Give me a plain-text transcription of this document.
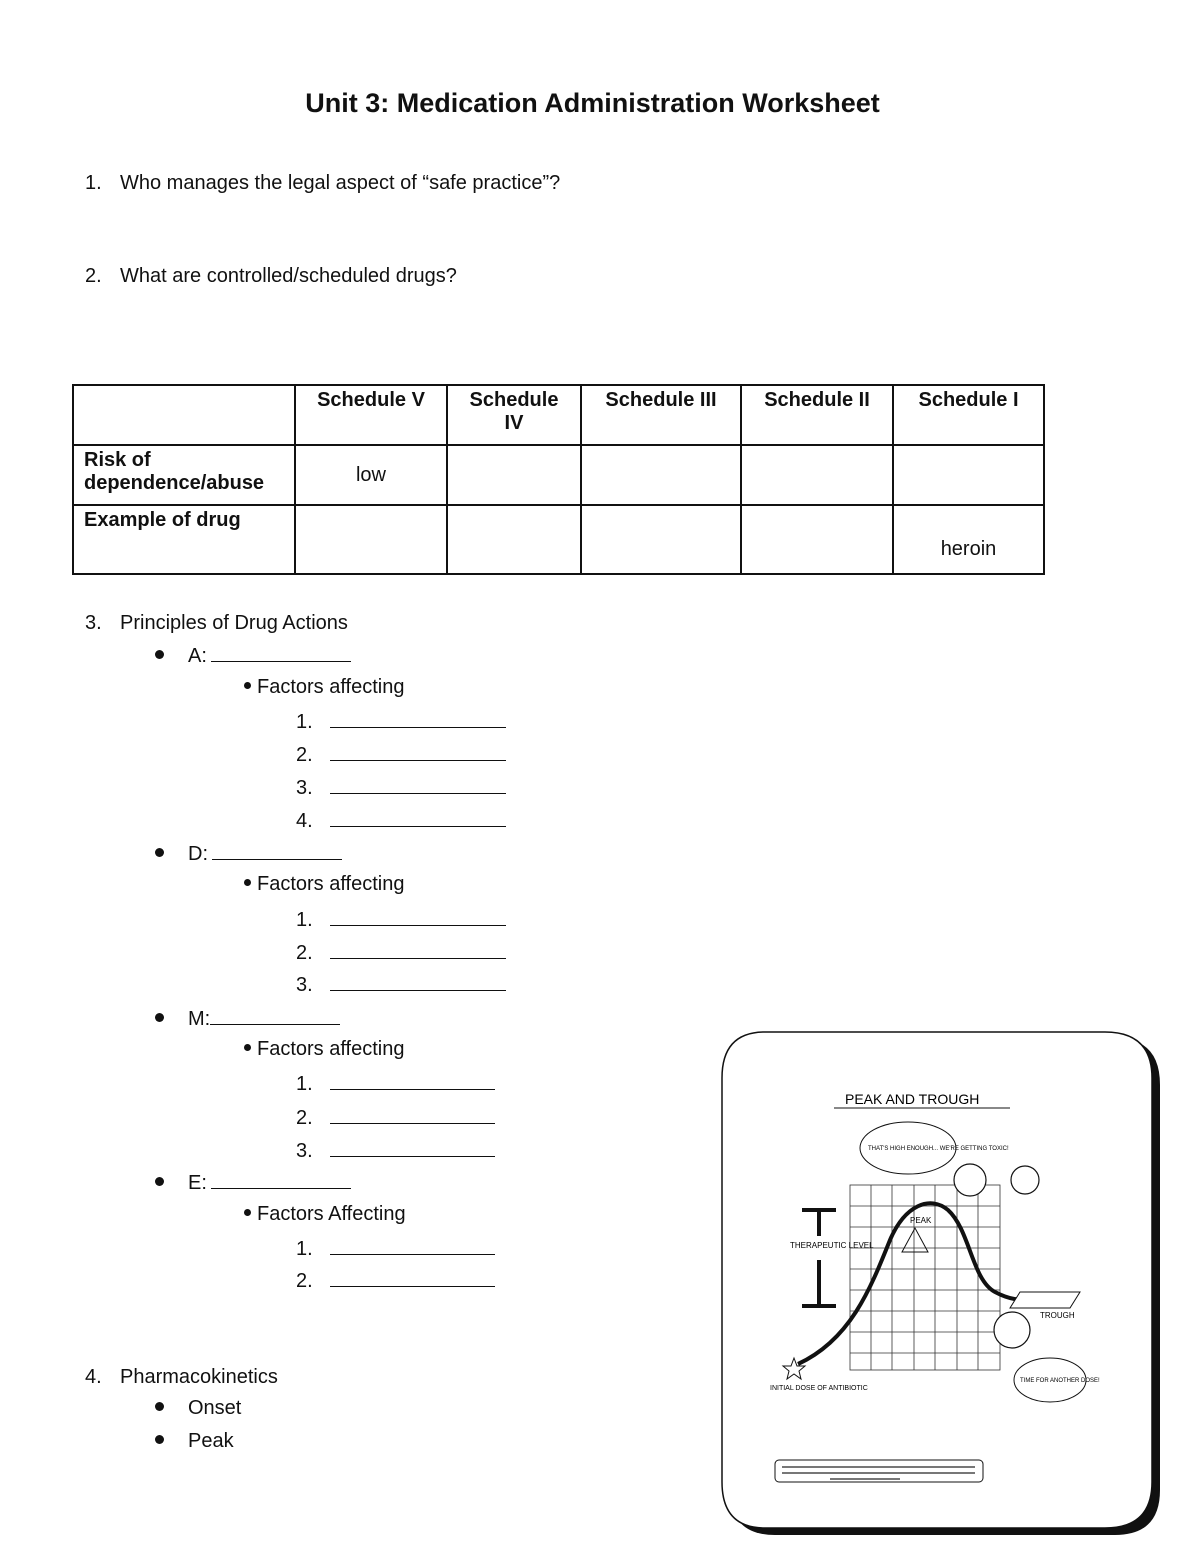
Unit 3: Medication Administration Worksheet
1. Who manages the legal aspect of “safe practice”?
2. What are controlled/scheduled drugs?
	Schedule V	Schedule IV	Schedule III	Schedule II	Schedule I
Risk of dependence/abuse	low				
Example of drug					heroin
3. Principles of Drug Actions
A:
Factors affecting
1.
2.
3.
4.
D:
Factors affecting
1.
2.
3.
M:
Factors affecting
1.
2.
3.
E:
Factors Affecting
1.
2.
4. Pharmacokinetics
Onset
Peak
PEAK AND TROUGH
THERAPEUTIC LEVEL
PEAK
TROUGH
INITIAL DOSE OF ANTIBIOTIC
THAT'S HIGH ENOUGH... WE'RE GETTING TOXIC!
TIME FOR ANOTHER DOSE!
